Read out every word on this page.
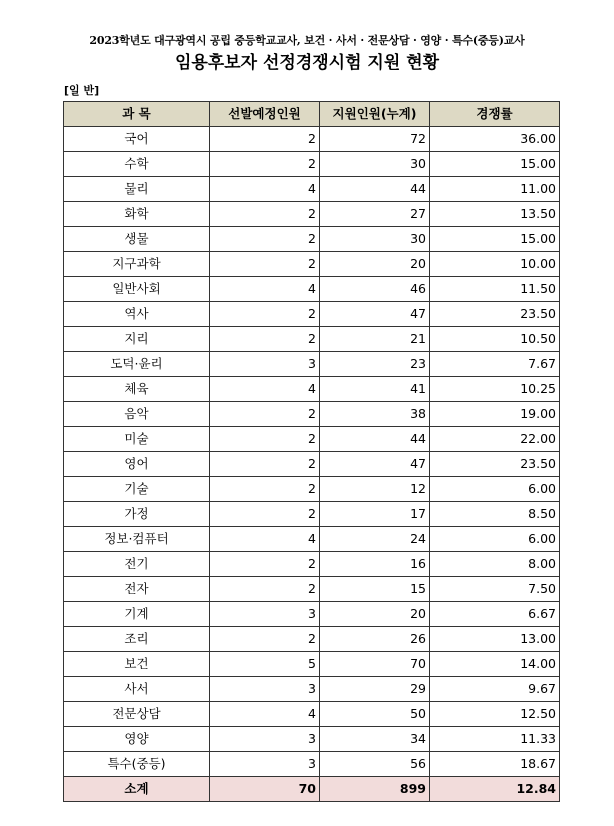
2023학년도 대구광역시 공립 중등학교교사, 보건 · 사서 · 전문상담 · 영양 · 특수(중등)교사
임용후보자 선정경쟁시험 지원 현황
[일 반]
과 목	선발예정인원	지원인원(누계)	경쟁률
국어	2	72	36.00
수학	2	30	15.00
물리	4	44	11.00
화학	2	27	13.50
생물	2	30	15.00
지구과학	2	20	10.00
일반사회	4	46	11.50
역사	2	47	23.50
지리	2	21	10.50
도덕·윤리	3	23	7.67
체육	4	41	10.25
음악	2	38	19.00
미술	2	44	22.00
영어	2	47	23.50
기술	2	12	6.00
가정	2	17	8.50
정보·컴퓨터	4	24	6.00
전기	2	16	8.00
전자	2	15	7.50
기계	3	20	6.67
조리	2	26	13.00
보건	5	70	14.00
사서	3	29	9.67
전문상담	4	50	12.50
영양	3	34	11.33
특수(중등)	3	56	18.67
소계	70	899	12.84
